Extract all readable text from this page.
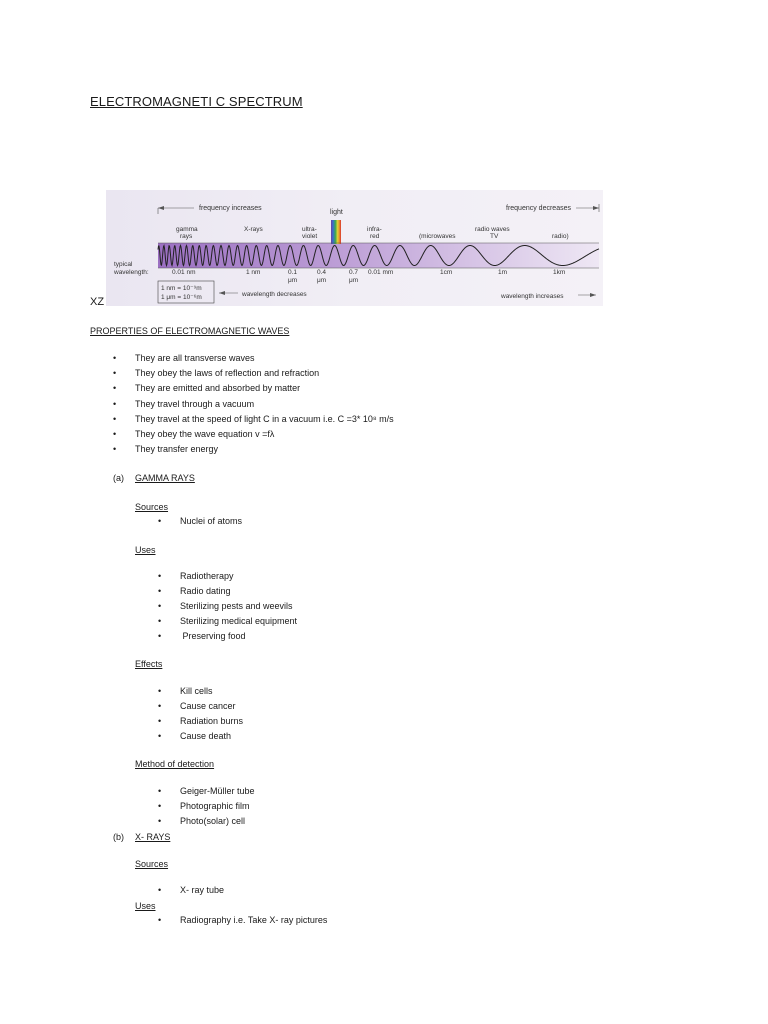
ELECTROMAGNETI C SPECTRUM
frequency increases	frequency decreases
light
gamma
rays
X-rays	ultra-
violet
infra-
red	(microwaves
radio waves
TV	radio)
typical
wavelength:	0.01 nm	1 nm	0.1
μm
0.4
μm
0.7
μm
0.01 mm	1cm	1m	1km
1 nm = 10⁻⁹m
1 μm = 10⁻⁶m	wavelength decreases	wavelength increases
XZ
PROPERTIES OF ELECTROMAGNETIC WAVES
• They are all transverse waves
• They obey the laws of reflection and refraction
• They are emitted and absorbed by matter
• They travel through a vacuum
• They travel at the speed of light C in a vacuum i.e. C =3* 10⁸ m/s
• They obey the wave equation v =fλ
• They transfer energy
(a) GAMMA RAYS
Sources
Uses
Effects
Method of detection
(b) X- RAYS
Sources
Uses
• Nuclei of atoms
• Radiotherapy
• Radio dating
• Sterilizing pests and weevils
• Sterilizing medical equipment
• Preserving food
• Kill cells
• Cause cancer
• Radiation burns
• Cause death
• Geiger-Müller tube
• Photographic film
• Photo(solar) cell
• X- ray tube
• Radiography i.e. Take X- ray pictures
